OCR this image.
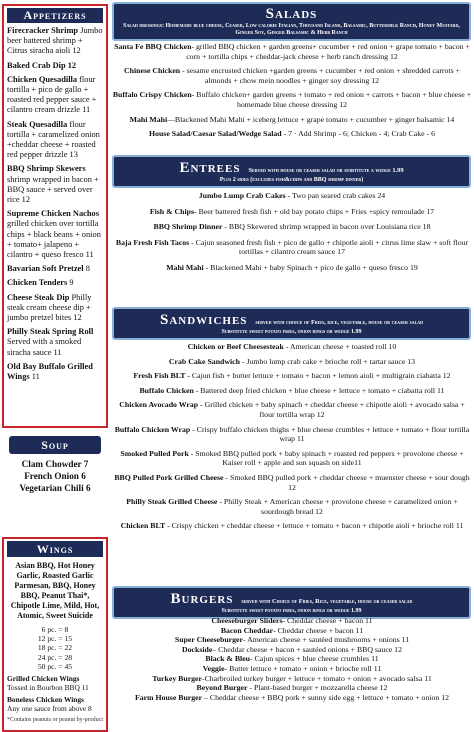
Appetizers
Firecracker Shrimp Jumbo beer battered shrimp + Citrus siracha aioli 12
Baked Crab Dip 12
Chicken Quesadilla flour tortilla + pico de gallo + roasted red pepper sauce + cilantro cream drizzle 11
Steak Quesadilla flour tortilla + caramelized onion +cheddar cheese + roasted red pepper drizzle 13
BBQ Shrimp Skewers shrimp wrapped in bacon + BBQ sauce + served over rice 12
Supreme Chicken Nachos grilled chicken over tortilla chips + black beans + onion + tomato+ jalapeno + cilantro + queso fresco 11
Bavarian Soft Pretzel 8
Chicken Tenders 9
Cheese Steak Dip Philly steak cream cheese dip + jumbo pretzel bites 12
Philly Steak Spring Roll Served with a smoked siracha sauce 11
Old Bay Buffalo Grilled Wings 11
Soup
Clam Chowder 7
French Onion 6
Vegetarian Chili 6
Wings
Asian BBQ, Hot Honey Garlic, Roasted Garlic Parmesan, BBQ, Honey BBQ, Peanut Thai*, Chipotle Lime, Mild, Hot, Atomic, Sweet Suicide
6 pc. = 8
12 pc. = 15
18 pc. = 22
24 pc. = 28
50 pc. = 45
Grilled Chicken Wings
Tossed in Bourbon BBQ 11
Boneless Chicken Wings
Any one sauce from above 8
*Contains peanuts or peanut by-product
Salads
Salad dressings: Homemade blue cheese, Ceaser, Low calorie Italian, Thousand Island, Balsamic, Buttermilk Ranch, Honey Mustard, Ginger Soy, Ginger Balsamic & Herb Ranch
Santa Fe BBQ Chicken- grilled BBQ chicken + garden greens+ cucumber + red onion + grape tomato + bacon + corn + tortilla chips + cheddar-jack cheese + herb ranch dressing 12
Chinese Chicken - sesame encrusted chicken +garden greens + cucumber + red onion + shredded carrots + almonds + chow mein noodles + ginger soy dressing 12
Buffalo Crispy Chicken- Buffalo chicken+ garden greens + tomato + red onion + carrots + bacon + blue cheese + homemade blue cheese dressing 12
Mahi Mahi—Blackened Mahi Mahi + iceberg lettuce + grape tomato + cucumber + ginger balsamic 14
House Salad/Caesar Salad/Wedge Salad - 7 · Add Shrimp - 6; Chicken - 4; Crab Cake - 6
Entrees Served with house or ceaser salad or substitute a wedge 1.99
Plus 2 sides (excludes fish&chips and BBQ shrimp dinner)
Jumbo Lump Crab Cakes - Two pan seared crab cakes 24
Fish & Chips- Beer battered fresh fish + old bay potato chips + Fries +spicy remoulade 17
BBQ Shrimp Dinner - BBQ Skewered shrimp wrapped in bacon over Louisiana rice 18
Baja Fresh Fish Tacos - Cajun seasoned fresh fish + pico de gallo + chipotle aioli + citrus lime slaw + soft flour tortillas + cilantro cream sauce 17
Mahi Mahi - Blackened Mahi + baby Spinach + pico de gallo + queso fresco 19
Sandwiches served with choice of Fries, rice, vegetable, house or ceaser salad
Substitute sweet potato fries, onion rings or wedge 1.99
Chicken or Beef Cheesesteak - American cheese + toasted roll 10
Crab Cake Sandwich - Jumbo lump crab cake + brioche roll + tartar sauce 13
Fresh Fish BLT - Cajun fish + butter lettuce + tomato + bacon + lemon aioli + multigrain ciabatta 12
Buffalo Chicken - Battered deep fried chicken + blue cheese + lettuce + tomato + ciabatta roll 11
Chicken Avocado Wrap - Grilled chicken + baby spinach + cheddar cheese + chipotle aioli + avocado salsa + flour tortilla wrap 12
Buffalo Chicken Wrap - Crispy buffalo chicken thighs + blue cheese crumbles + lettuce + tomato + flour tortilla wrap 11
Smoked Pulled Pork - Smoked BBQ pulled pork + baby spinach + roasted red peppers + provolone cheese + Kaiser roll + apple and sun squash on side11
BBQ Pulled Pork Grilled Cheese - Smoked BBQ pulled pork + cheddar cheese + muenster cheese + sour dough 12
Philly Steak Grilled Cheese - Philly Steak + American cheese + provolone cheese + caramelized onion + sourdough bread 12
Chicken BLT - Crispy chicken + cheddar cheese + lettuce + tomato + bacon + chipotle aioli + brioche roll 11
Burgers served with Choice of Fries, Rice, vegetable, house or ceaser salad
Substitute sweet potato fries, onion rings or wedge 1.99
Cheeseburger Sliders- Cheddar cheese + bacon 11
Bacon Cheddar- Cheddar cheese + bacon 11
Super Cheeseburger- American cheese + sautéed mushrooms + onions 11
Dockside– Cheddar cheese + bacon + sautéed onions + BBQ sauce 12
Black & Bleu- Cajun spices + blue cheese crumbles 11
Veggie- Butter lettuce + tomato + onion + brioche roll 11
Turkey Burger-Charbroiled turkey burger + lettuce + tomato + onion + avocado salsa 11
Beyond Burger - Plant-based burger + mozzarella cheese 12
Farm House Burger – Cheddar cheese + BBQ pork + sunny side egg + lettuce + tomato + onion 12
